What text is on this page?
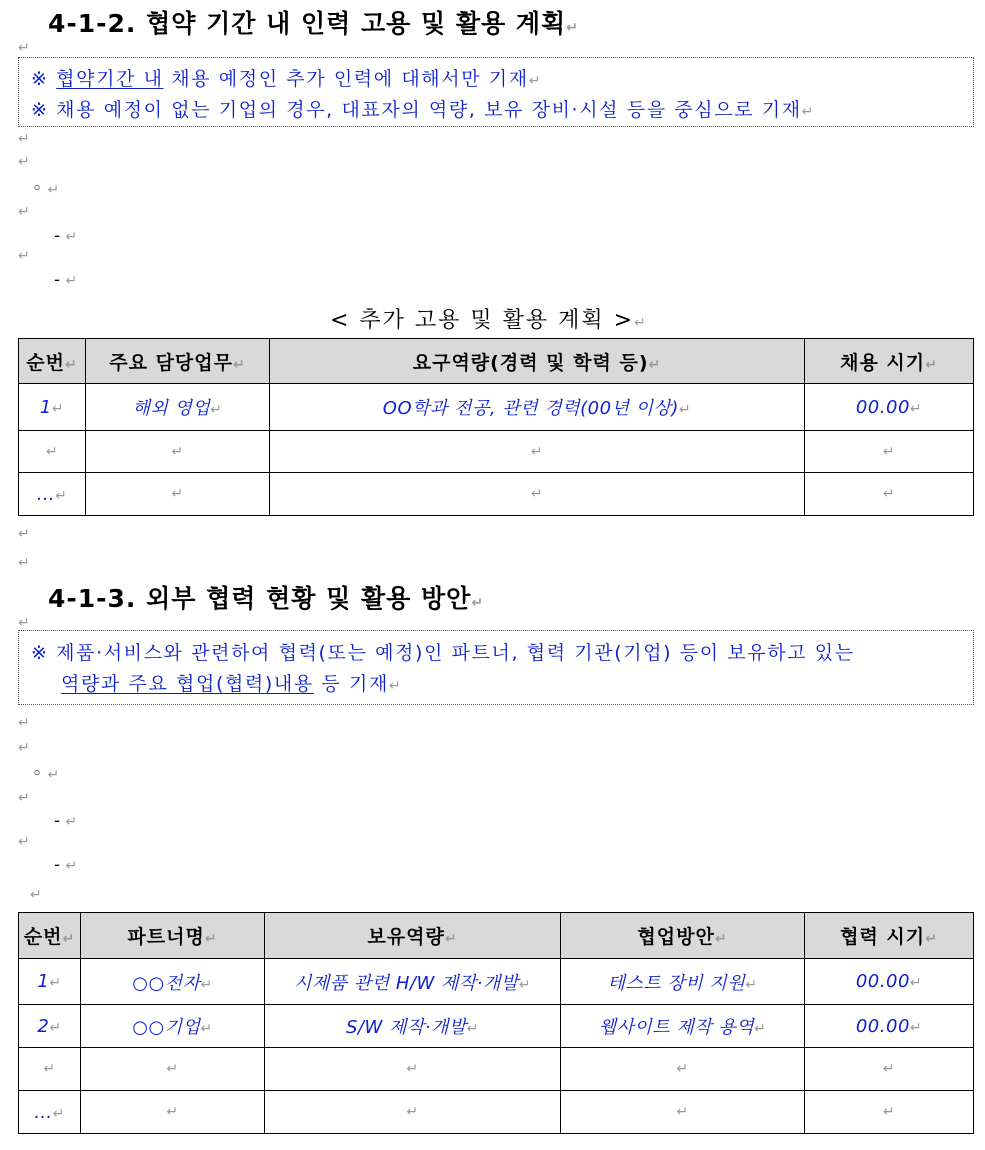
4-1-2. 협약 기간 내 인력 고용 및 활용 계획↵
↵
※ 협약기간 내 채용 예정인 추가 인력에 대해서만 기재↵
※ 채용 예정이 없는 기업의 경우, 대표자의 역량, 보유 장비·시설 등을 중심으로 기재↵
↵
↵
◦ ↵
↵
- ↵
↵
- ↵
< 추가 고용 및 활용 계획 >↵
순번↵	주요 담당업무↵	요구역량(경력 및 학력 등)↵	채용 시기↵
1↵	해외 영업↵	OO학과 전공, 관련 경력(00년 이상)↵	00.00↵
↵	↵	↵	↵
…↵	↵	↵	↵
↵
↵
4-1-3. 외부 협력 현황 및 활용 방안↵
↵
※ 제품·서비스와 관련하여 협력(또는 예정)인 파트너, 협력 기관(기업) 등이 보유하고 있는
역량과 주요 협업(협력)내용 등 기재↵
↵
↵
◦ ↵
↵
- ↵
↵
- ↵
↵
순번↵	파트너명↵	보유역량↵	협업방안↵	협력 시기↵
1↵	○○전자↵	시제품 관련 H/W 제작·개발↵	테스트 장비 지원↵	00.00↵
2↵	○○기업↵	S/W 제작·개발↵	웹사이트 제작 용역↵	00.00↵
↵	↵	↵	↵	↵
…↵	↵	↵	↵	↵
